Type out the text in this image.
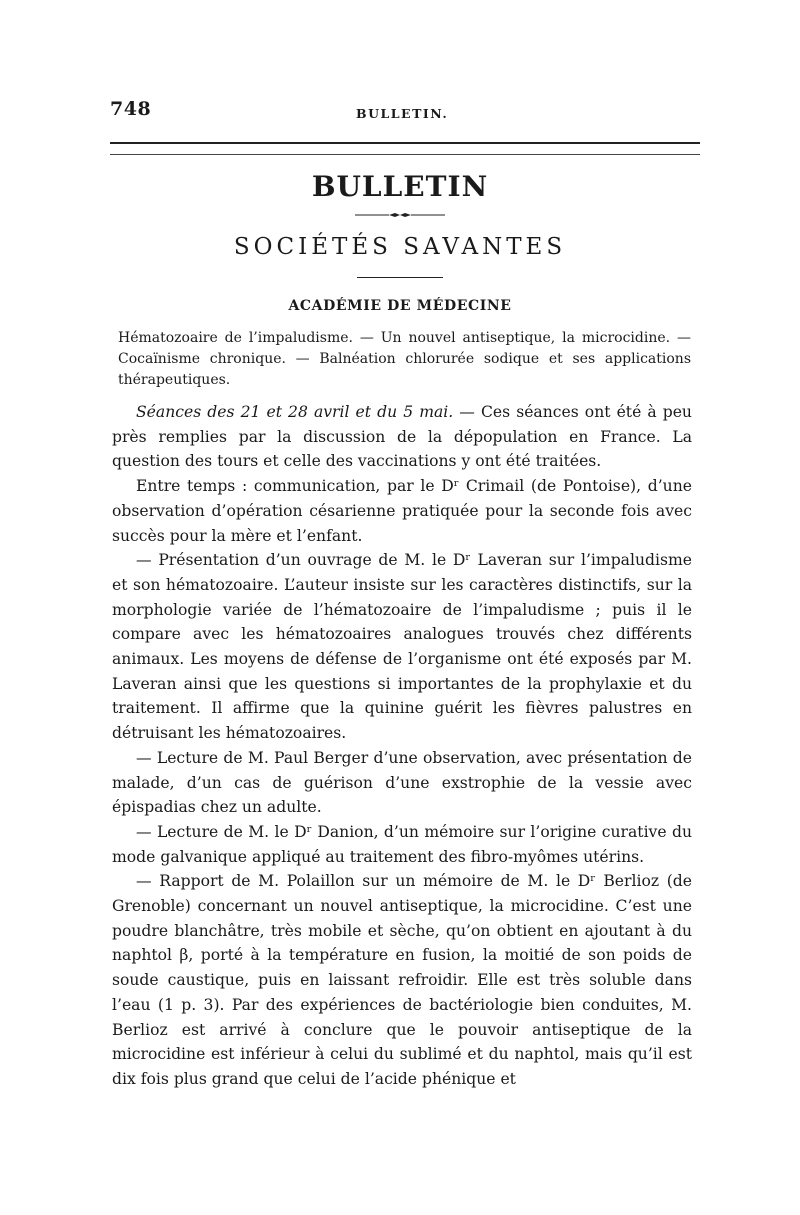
748	BULLETIN.
BULLETIN
SOCIÉTÉS SAVANTES
ACADÉMIE DE MÉDECINE
Hématozoaire de l’impaludisme. — Un nouvel antiseptique, la microcidine. — Cocaïnisme chronique. — Balnéation chlorurée sodique et ses applications thérapeutiques.

Séances des 21 et 28 avril et du 5 mai. — Ces séances ont été à peu près remplies par la discussion de la dépopulation en France. La question des tours et celle des vaccinations y ont été traitées.

Entre temps : communication, par le Dʳ Crimail (de Pontoise), d’une observation d’opération césarienne pratiquée pour la seconde fois avec succès pour la mère et l’enfant.

— Présentation d’un ouvrage de M. le Dʳ Laveran sur l’impaludisme et son hématozoaire. L’auteur insiste sur les caractères distinctifs, sur la morphologie variée de l’hématozoaire de l’impaludisme ; puis il le compare avec les hématozoaires analogues trouvés chez différents animaux. Les moyens de défense de l’organisme ont été exposés par M. Laveran ainsi que les questions si importantes de la prophylaxie et du traitement. Il affirme que la quinine guérit les fièvres palustres en détruisant les hématozoaires.

— Lecture de M. Paul Berger d’une observation, avec présentation de malade, d’un cas de guérison d’une exstrophie de la vessie avec épispadias chez un adulte.

— Lecture de M. le Dʳ Danion, d’un mémoire sur l’origine curative du mode galvanique appliqué au traitement des fibro-myômes utérins.

— Rapport de M. Polaillon sur un mémoire de M. le Dʳ Berlioz (de Grenoble) concernant un nouvel antiseptique, la microcidine. C’est une poudre blanchâtre, très mobile et sèche, qu’on obtient en ajoutant à du naphtol β, porté à la température en fusion, la moitié de son poids de soude caustique, puis en laissant refroidir. Elle est très soluble dans l’eau (1 p. 3). Par des expériences de bactériologie bien conduites, M. Berlioz est arrivé à conclure que le pouvoir antiseptique de la microcidine est inférieur à celui du sublimé et du naphtol, mais qu’il est dix fois plus grand que celui de l’acide phénique et
